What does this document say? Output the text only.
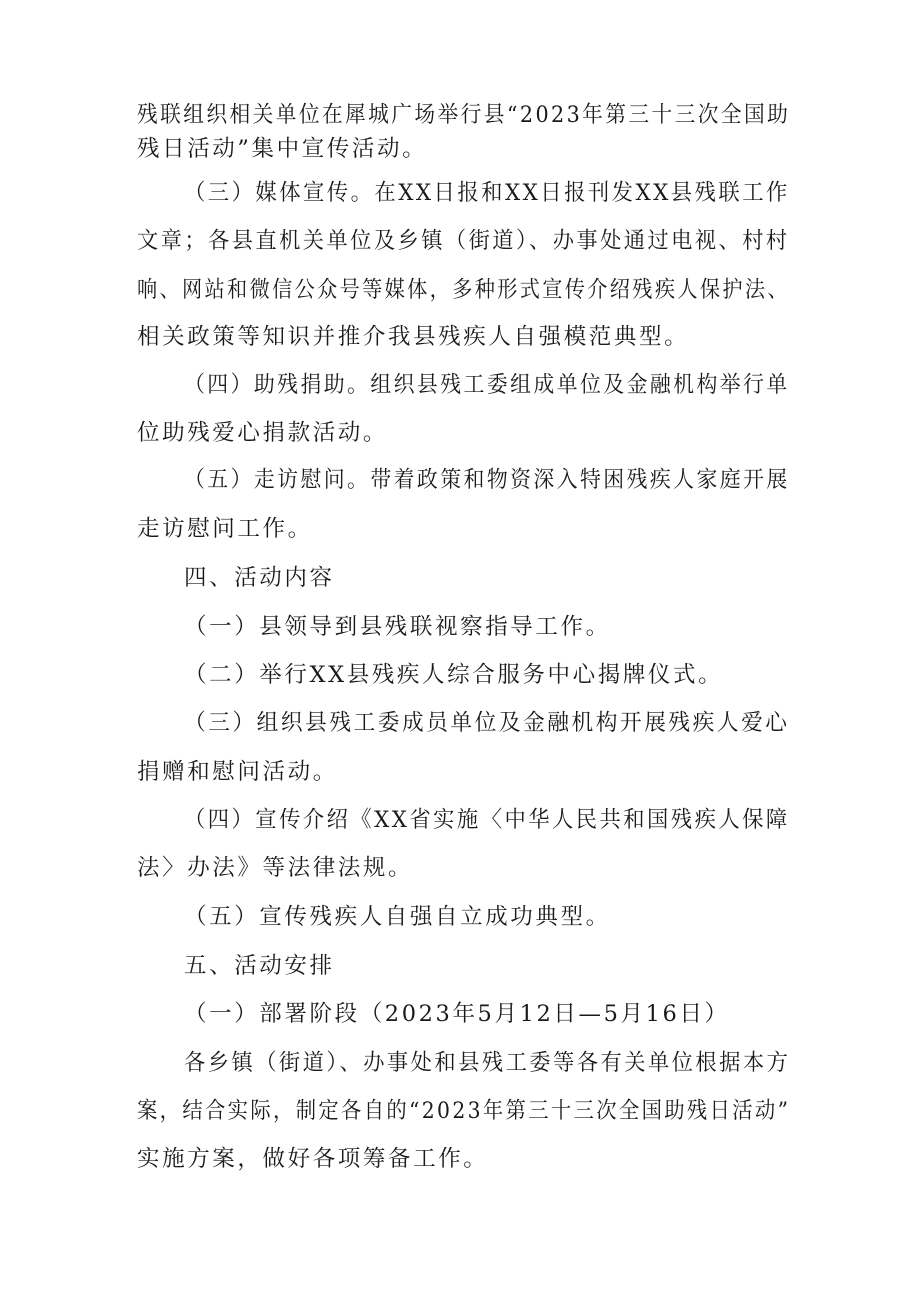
残联组织相关单位在犀城广场举行县“2023年第三十三次全国助
残日活动”集中宣传活动。
（三）媒体宣传。在XX日报和XX日报刊发XX县残联工作
文章；各县直机关单位及乡镇（街道）、办事处通过电视、村村
响、网站和微信公众号等媒体，多种形式宣传介绍残疾人保护法、
相关政策等知识并推介我县残疾人自强模范典型。
（四）助残捐助。组织县残工委组成单位及金融机构举行单
位助残爱心捐款活动。
（五）走访慰问。带着政策和物资深入特困残疾人家庭开展
走访慰问工作。
四、活动内容
（一）县领导到县残联视察指导工作。
（二）举行XX县残疾人综合服务中心揭牌仪式。
（三）组织县残工委成员单位及金融机构开展残疾人爱心
捐赠和慰问活动。
（四）宣传介绍《XX省实施〈中华人民共和国残疾人保障
法〉办法》等法律法规。
（五）宣传残疾人自强自立成功典型。
五、活动安排
（一）部署阶段（2023年5月12日—5月16日）
各乡镇（街道）、办事处和县残工委等各有关单位根据本方
案，结合实际，制定各自的“2023年第三十三次全国助残日活动”
实施方案，做好各项筹备工作。
